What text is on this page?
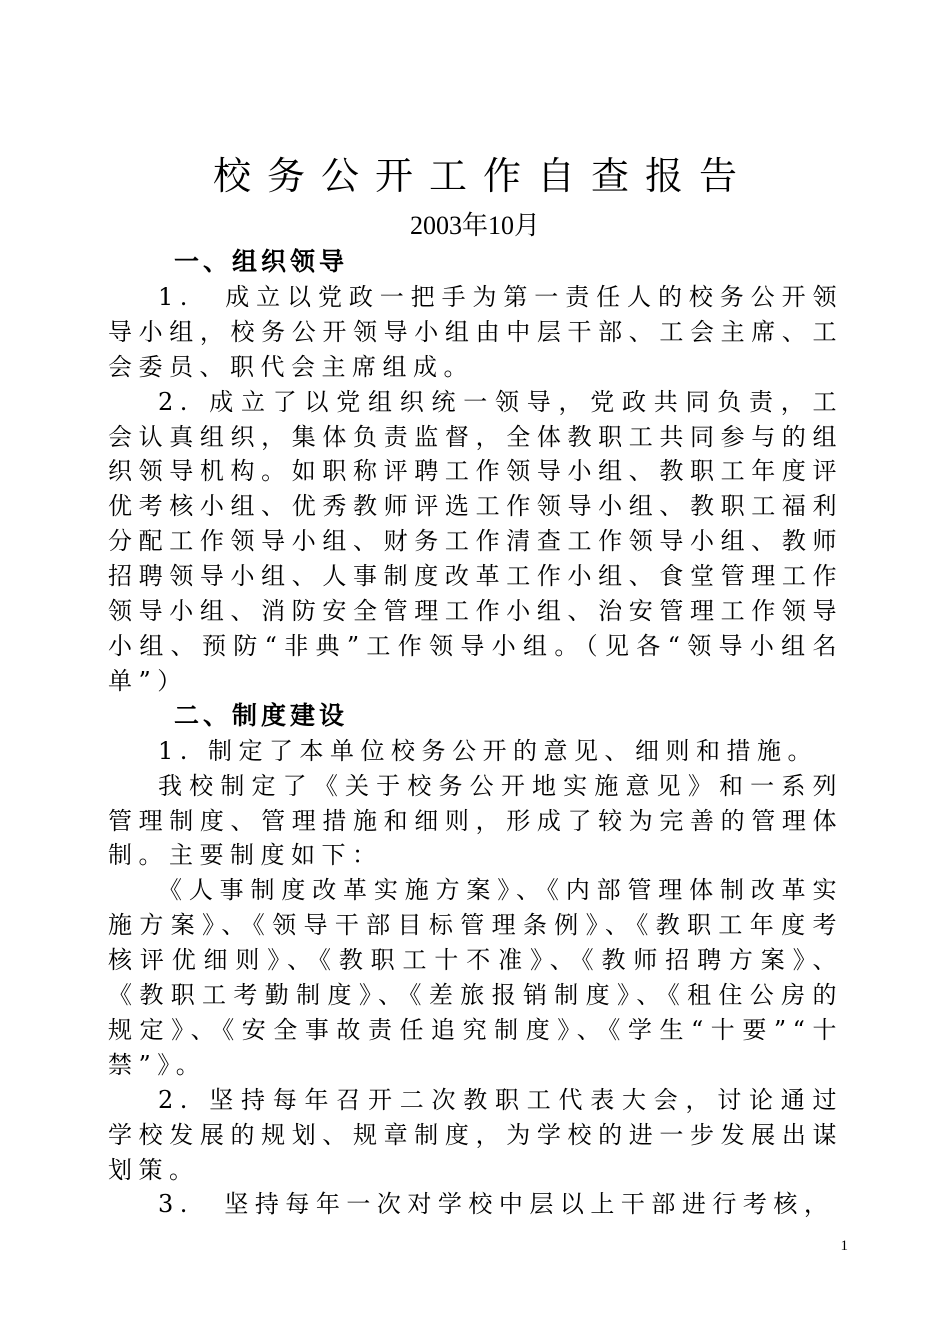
校务公开工作自查报告
2003年10月

一、组织领导

1.　成立以党政一把手为第一责任人的校务公开领导小组，校务公开领导小组由中层干部、工会主席、工会委员、职代会主席组成。

2. 成立了以党组织统一领导，党政共同负责，工会认真组织，集体负责监督，全体教职工共同参与的组织领导机构。如职称评聘工作领导小组、教职工年度评优考核小组、优秀教师评选工作领导小组、教职工福利分配工作领导小组、财务工作清查工作领导小组、教师招聘领导小组、人事制度改革工作小组、食堂管理工作领导小组、消防安全管理工作小组、治安管理工作领导小组、预防“非典”工作领导小组。（见各“领导小组名单”）

二、制度建设

1. 制定了本单位校务公开的意见、细则和措施。

我校制定了《关于校务公开地实施意见》和一系列管理制度、管理措施和细则，形成了较为完善的管理体制。主要制度如下：

《人事制度改革实施方案》、《内部管理体制改革实施方案》、《领导干部目标管理条例》、《教职工年度考核评优细则》、《教职工十不准》、《教师招聘方案》、《教职工考勤制度》、《差旅报销制度》、《租住公房的规定》、《安全事故责任追究制度》、《学生“十要”“十禁”》。

2. 坚持每年召开二次教职工代表大会，讨论通过学校发展的规划、规章制度，为学校的进一步发展出谋划策。

3.　坚持每年一次对学校中层以上干部进行考核，

1
